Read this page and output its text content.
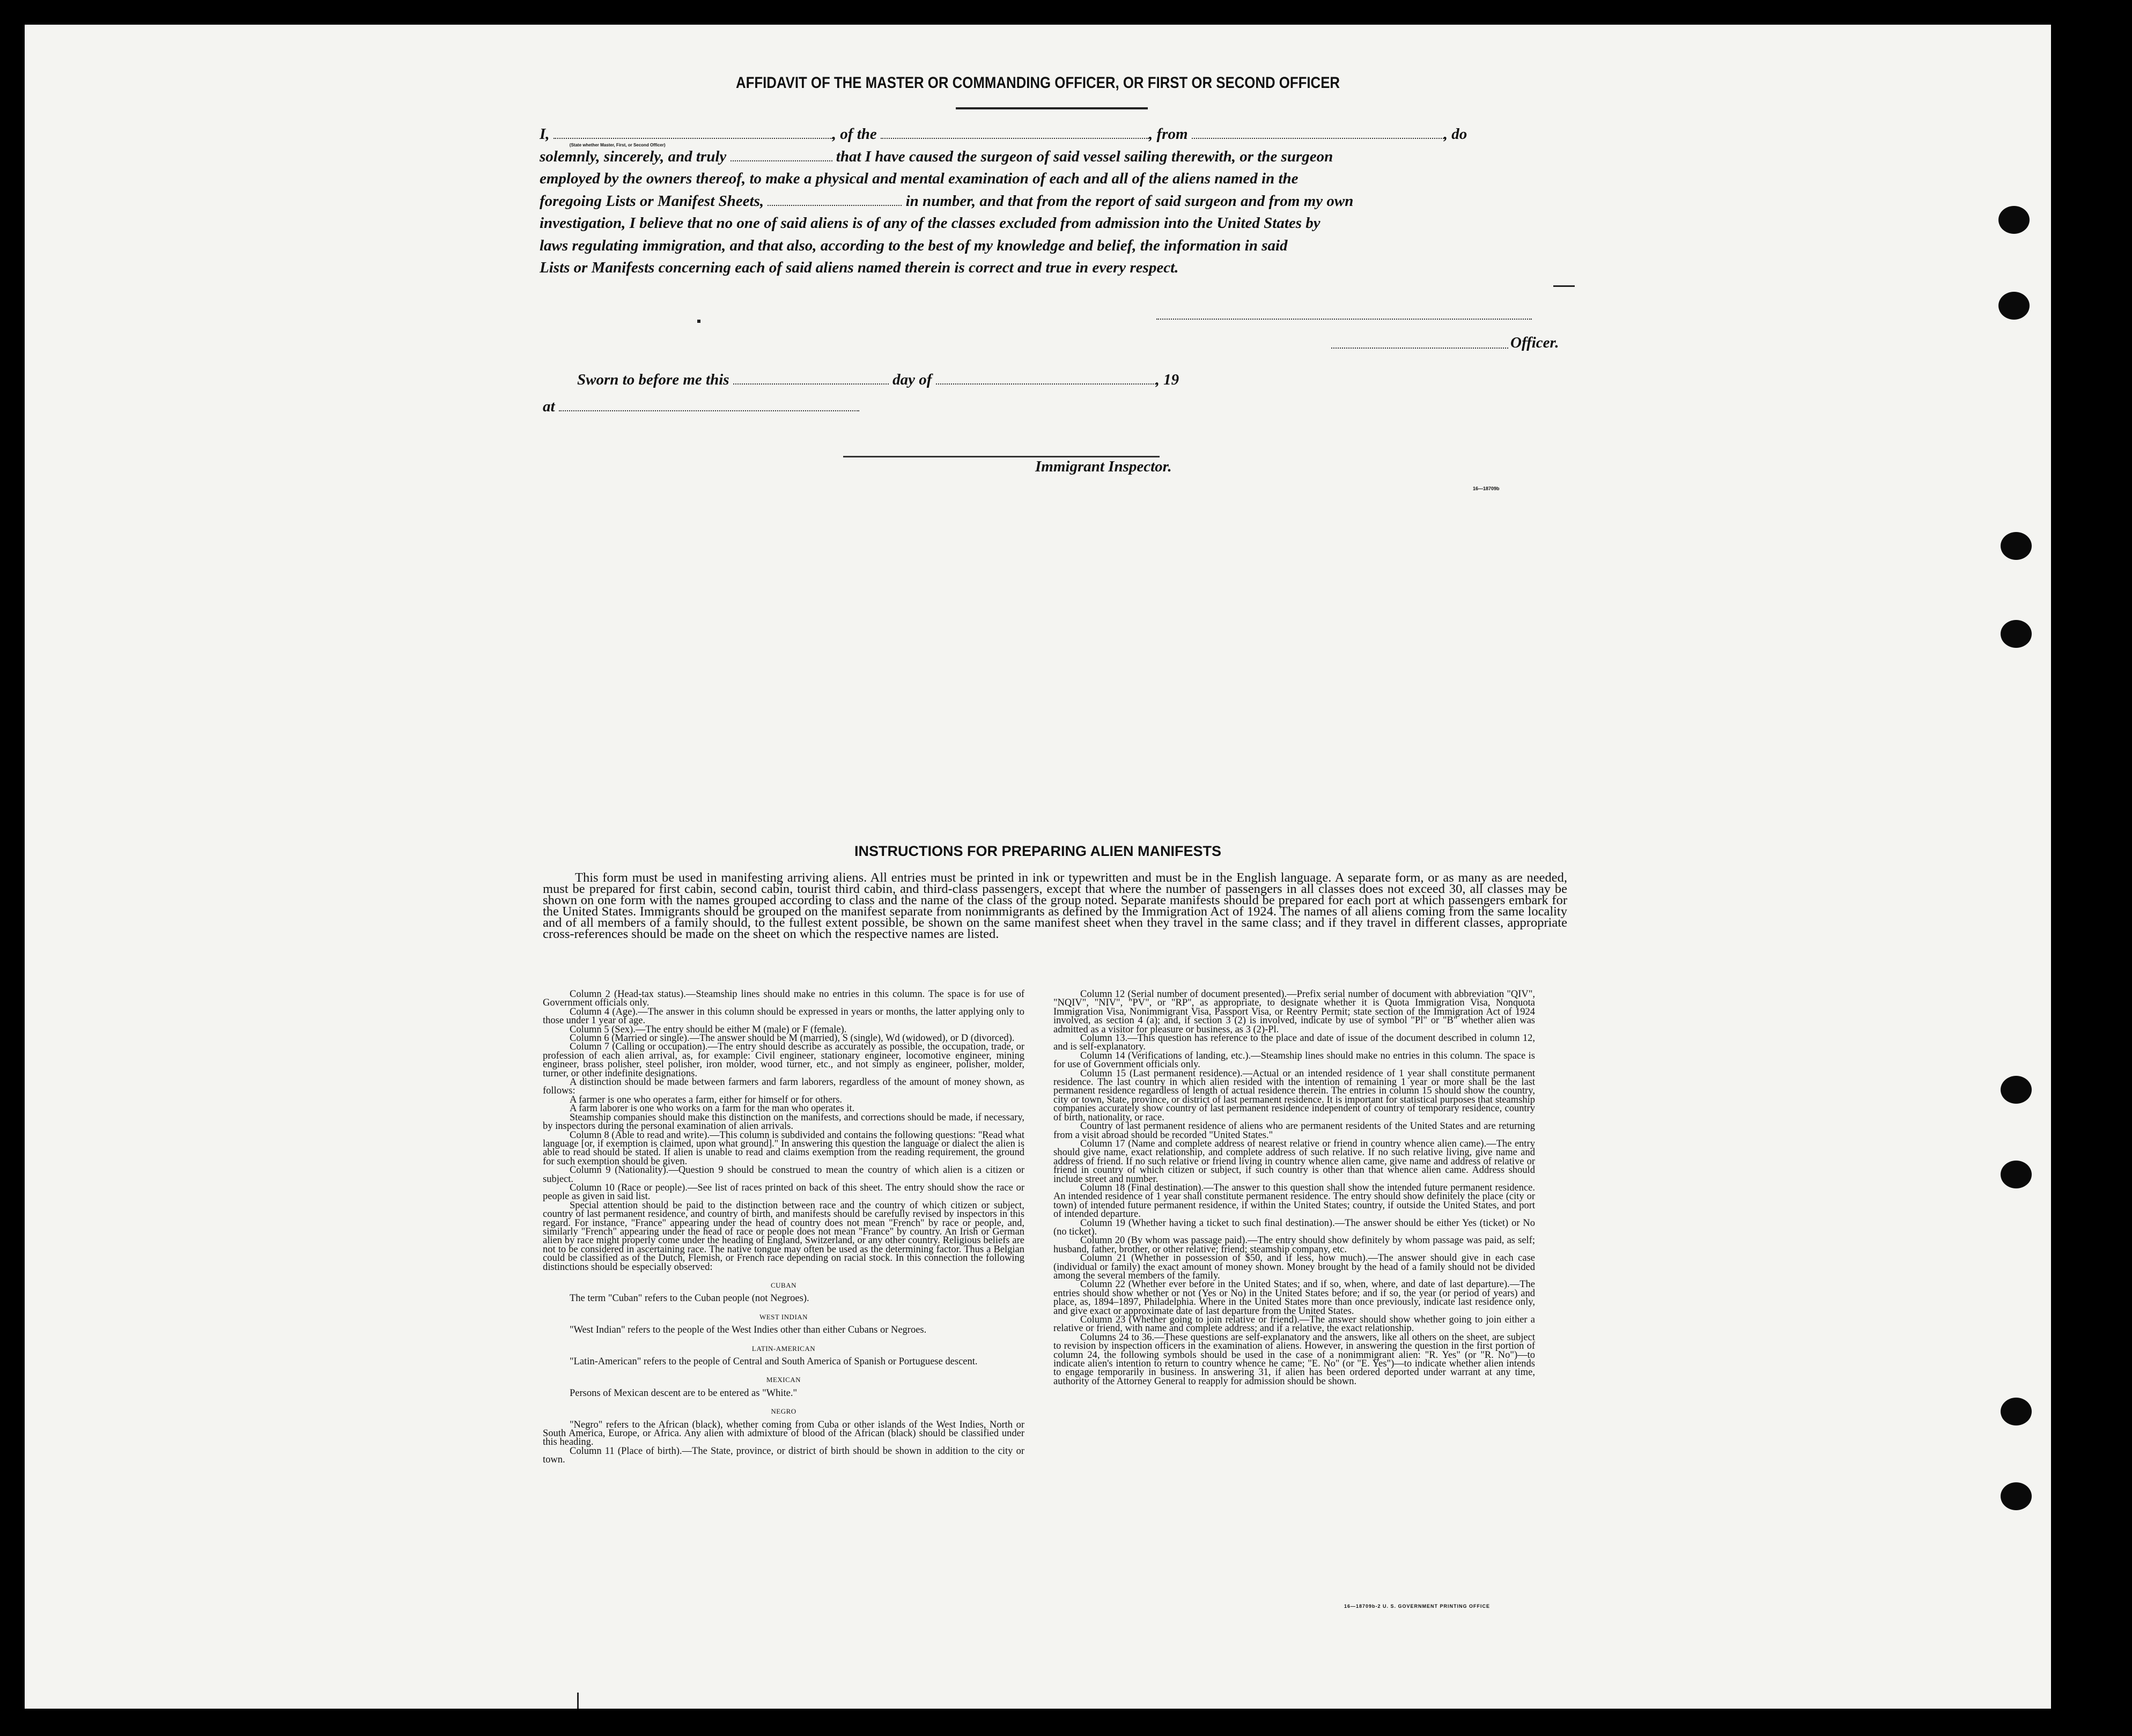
AFFIDAVIT OF THE MASTER OR COMMANDING OFFICER, OR FIRST OR SECOND OFFICER
I,
(State whether Master, First, or Second Officer)
, of the	, from	, do
solemnly, sincerely, and truly	that I have caused the surgeon of said vessel sailing therewith, or the surgeon
employed by the owners thereof, to make a physical and mental examination of each and all of the aliens named in the
foregoing Lists or Manifest Sheets,	in number, and that from the report of said surgeon and from my own
investigation, I believe that no one of said aliens is of any of the classes excluded from admission into the United States by
laws regulating immigration, and that also, according to the best of my knowledge and belief, the information in said
Lists or Manifests concerning each of said aliens named therein is correct and true in every respect.
Officer.
Sworn to before me this	day of	, 19
at
Immigrant Inspector.
16—18709b
INSTRUCTIONS FOR PREPARING ALIEN MANIFESTS
This form must be used in manifesting arriving aliens. All entries must be printed in ink or typewritten and must be in the English language. A separate form, or as many as are needed, must be prepared for first cabin, second cabin, tourist third cabin, and third-class passengers, except that where the number of passengers in all classes does not exceed 30, all classes may be shown on one form with the names grouped according to class and the name of the class of the group noted. Separate manifests should be prepared for each port at which passengers embark for the United States. Immigrants should be grouped on the manifest separate from nonimmigrants as defined by the Immigration Act of 1924. The names of all aliens coming from the same locality and of all members of a family should, to the fullest extent possible, be shown on the same manifest sheet when they travel in the same class; and if they travel in different classes, appropriate cross-references should be made on the sheet on which the respective names are listed.

Column 2 (Head-tax status).—Steamship lines should make no entries in this column. The space is for use of Government officials only.

Column 4 (Age).—The answer in this column should be expressed in years or months, the latter applying only to those under 1 year of age.

Column 5 (Sex).—The entry should be either M (male) or F (female).

Column 6 (Married or single).—The answer should be M (married), S (single), Wd (widowed), or D (divorced).

Column 7 (Calling or occupation).—The entry should describe as accurately as possible, the occupation, trade, or profession of each alien arrival, as, for example: Civil engineer, stationary engineer, locomotive engineer, mining engineer, brass polisher, steel polisher, iron molder, wood turner, etc., and not simply as engineer, polisher, molder, turner, or other indefinite designations.

A distinction should be made between farmers and farm laborers, regardless of the amount of money shown, as follows:

A farmer is one who operates a farm, either for himself or for others.

A farm laborer is one who works on a farm for the man who operates it.

Steamship companies should make this distinction on the manifests, and corrections should be made, if necessary, by inspectors during the personal examination of alien arrivals.

Column 8 (Able to read and write).—This column is subdivided and contains the following questions: "Read what language [or, if exemption is claimed, upon what ground]." In answering this question the language or dialect the alien is able to read should be stated. If alien is unable to read and claims exemption from the reading requirement, the ground for such exemption should be given.

Column 9 (Nationality).—Question 9 should be construed to mean the country of which alien is a citizen or subject.

Column 10 (Race or people).—See list of races printed on back of this sheet. The entry should show the race or people as given in said list.

Special attention should be paid to the distinction between race and the country of which citizen or subject, country of last permanent residence, and country of birth, and manifests should be carefully revised by inspectors in this regard. For instance, "France" appearing under the head of country does not mean "French" by race or people, and, similarly "French" appearing under the head of race or people does not mean "France" by country. An Irish or German alien by race might properly come under the heading of England, Switzerland, or any other country. Religious beliefs are not to be considered in ascertaining race. The native tongue may often be used as the determining factor. Thus a Belgian could be classified as of the Dutch, Flemish, or French race depending on racial stock. In this connection the following distinctions should be especially observed:

CUBAN

The term "Cuban" refers to the Cuban people (not Negroes).

WEST INDIAN

"West Indian" refers to the people of the West Indies other than either Cubans or Negroes.

LATIN-AMERICAN

"Latin-American" refers to the people of Central and South America of Spanish or Portuguese descent.

MEXICAN

Persons of Mexican descent are to be entered as "White."

NEGRO

"Negro" refers to the African (black), whether coming from Cuba or other islands of the West Indies, North or South America, Europe, or Africa. Any alien with admixture of blood of the African (black) should be classified under this heading.

Column 11 (Place of birth).—The State, province, or district of birth should be shown in addition to the city or town.

Column 12 (Serial number of document presented).—Prefix serial number of document with abbreviation "QIV", "NQIV", "NIV", "PV", or "RP", as appropriate, to designate whether it is Quota Immigration Visa, Nonquota Immigration Visa, Nonimmigrant Visa, Passport Visa, or Reentry Permit; state section of the Immigration Act of 1924 involved, as section 4 (a); and, if section 3 (2) is involved, indicate by use of symbol "Pl" or "B" whether alien was admitted as a visitor for pleasure or business, as 3 (2)-Pl.

Column 13.—This question has reference to the place and date of issue of the document described in column 12, and is self-explanatory.

Column 14 (Verifications of landing, etc.).—Steamship lines should make no entries in this column. The space is for use of Government officials only.

Column 15 (Last permanent residence).—Actual or an intended residence of 1 year shall constitute permanent residence. The last country in which alien resided with the intention of remaining 1 year or more shall be the last permanent residence regardless of length of actual residence therein. The entries in column 15 should show the country, city or town, State, province, or district of last permanent residence. It is important for statistical purposes that steamship companies accurately show country of last permanent residence independent of country of temporary residence, country of birth, nationality, or race.

Country of last permanent residence of aliens who are permanent residents of the United States and are returning from a visit abroad should be recorded "United States."

Column 17 (Name and complete address of nearest relative or friend in country whence alien came).—The entry should give name, exact relationship, and complete address of such relative. If no such relative living, give name and address of friend. If no such relative or friend living in country whence alien came, give name and address of relative or friend in country of which citizen or subject, if such country is other than that whence alien came. Address should include street and number.

Column 18 (Final destination).—The answer to this question shall show the intended future permanent residence. An intended residence of 1 year shall constitute permanent residence. The entry should show definitely the place (city or town) of intended future permanent residence, if within the United States; country, if outside the United States, and port of intended departure.

Column 19 (Whether having a ticket to such final destination).—The answer should be either Yes (ticket) or No (no ticket).

Column 20 (By whom was passage paid).—The entry should show definitely by whom passage was paid, as self; husband, father, brother, or other relative; friend; steamship company, etc.

Column 21 (Whether in possession of $50, and if less, how much).—The answer should give in each case (individual or family) the exact amount of money shown. Money brought by the head of a family should not be divided among the several members of the family.

Column 22 (Whether ever before in the United States; and if so, when, where, and date of last departure).—The entries should show whether or not (Yes or No) in the United States before; and if so, the year (or period of years) and place, as, 1894–1897, Philadelphia. Where in the United States more than once previously, indicate last residence only, and give exact or approximate date of last departure from the United States.

Column 23 (Whether going to join relative or friend).—The answer should show whether going to join either a relative or friend, with name and complete address; and if a relative, the exact relationship.

Columns 24 to 36.—These questions are self-explanatory and the answers, like all others on the sheet, are subject to revision by inspection officers in the examination of aliens. However, in answering the question in the first portion of column 24, the following symbols should be used in the case of a nonimmigrant alien: "R. Yes" (or "R. No")—to indicate alien's intention to return to country whence he came; "E. No" (or "E. Yes")—to indicate whether alien intends to engage temporarily in business. In answering 31, if alien has been ordered deported under warrant at any time, authority of the Attorney General to reapply for admission should be shown.

16—18709b-2 U. S. GOVERNMENT PRINTING OFFICE
